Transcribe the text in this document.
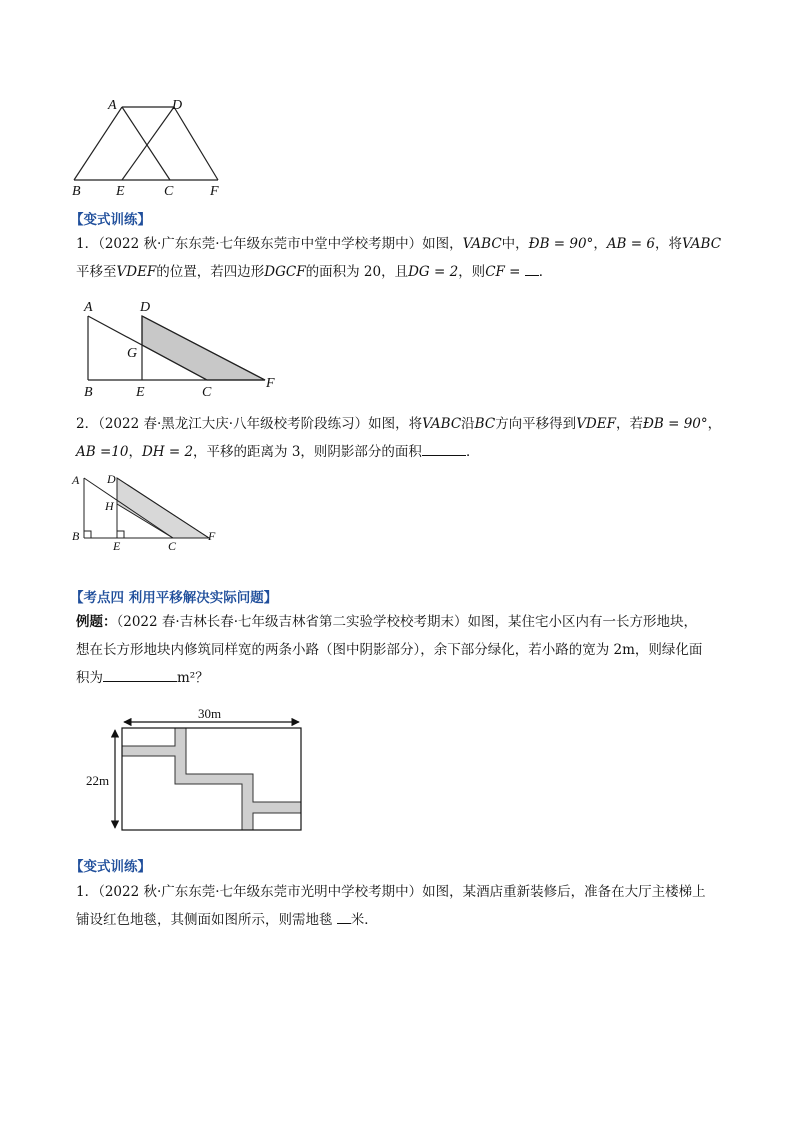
A	D
B	E	C	F
【变式训练】
1．（2022 秋·广东东莞·七年级东莞市中堂中学校考期中）如图，VABC中，ÐB = 90°，AB = 6，将VABC
平移至VDEF的位置，若四边形DGCF的面积为 20，且DG = 2，则CF = ．
A	D
G
B	E	C
F
2．（2022 春·黑龙江大庆·八年级校考阶段练习）如图，将VABC沿BC方向平移得到VDEF，若ÐB = 90°，
AB =10，DH = 2，平移的距离为 3，则阴影部分的面积	．
A D
H
B
E	C
F
【考点四 利用平移解决实际问题】
例题：（2022 春·吉林长春·七年级吉林省第二实验学校校考期末）如图，某住宅小区内有一长方形地块，
想在长方形地块内修筑同样宽的两条小路（图中阴影部分），余下部分绿化，若小路的宽为 2m，则绿化面
积为	m²？
30m
22m
【变式训练】
1．（2022 秋·广东东莞·七年级东莞市光明中学校考期中）如图，某酒店重新装修后，准备在大厅主楼梯上
铺设红色地毯，其侧面如图所示，则需地毯 米．
